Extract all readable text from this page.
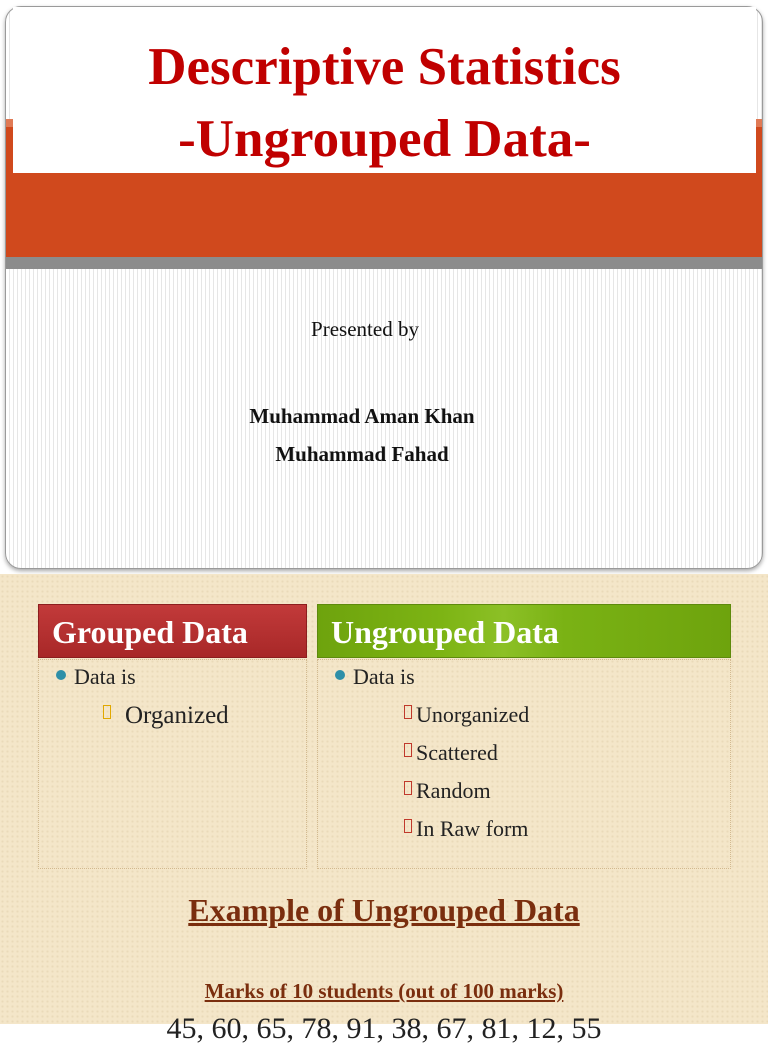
Descriptive Statistics
-Ungrouped Data-
Presented by
Muhammad Aman Khan
Muhammad Fahad
Grouped Data	Ungrouped Data
Data is
Organized
Data is
Unorganized
Scattered
Random
In Raw form
Example of Ungrouped Data
Marks of 10 students (out of 100 marks)
45, 60, 65, 78, 91, 38, 67, 81, 12, 55
